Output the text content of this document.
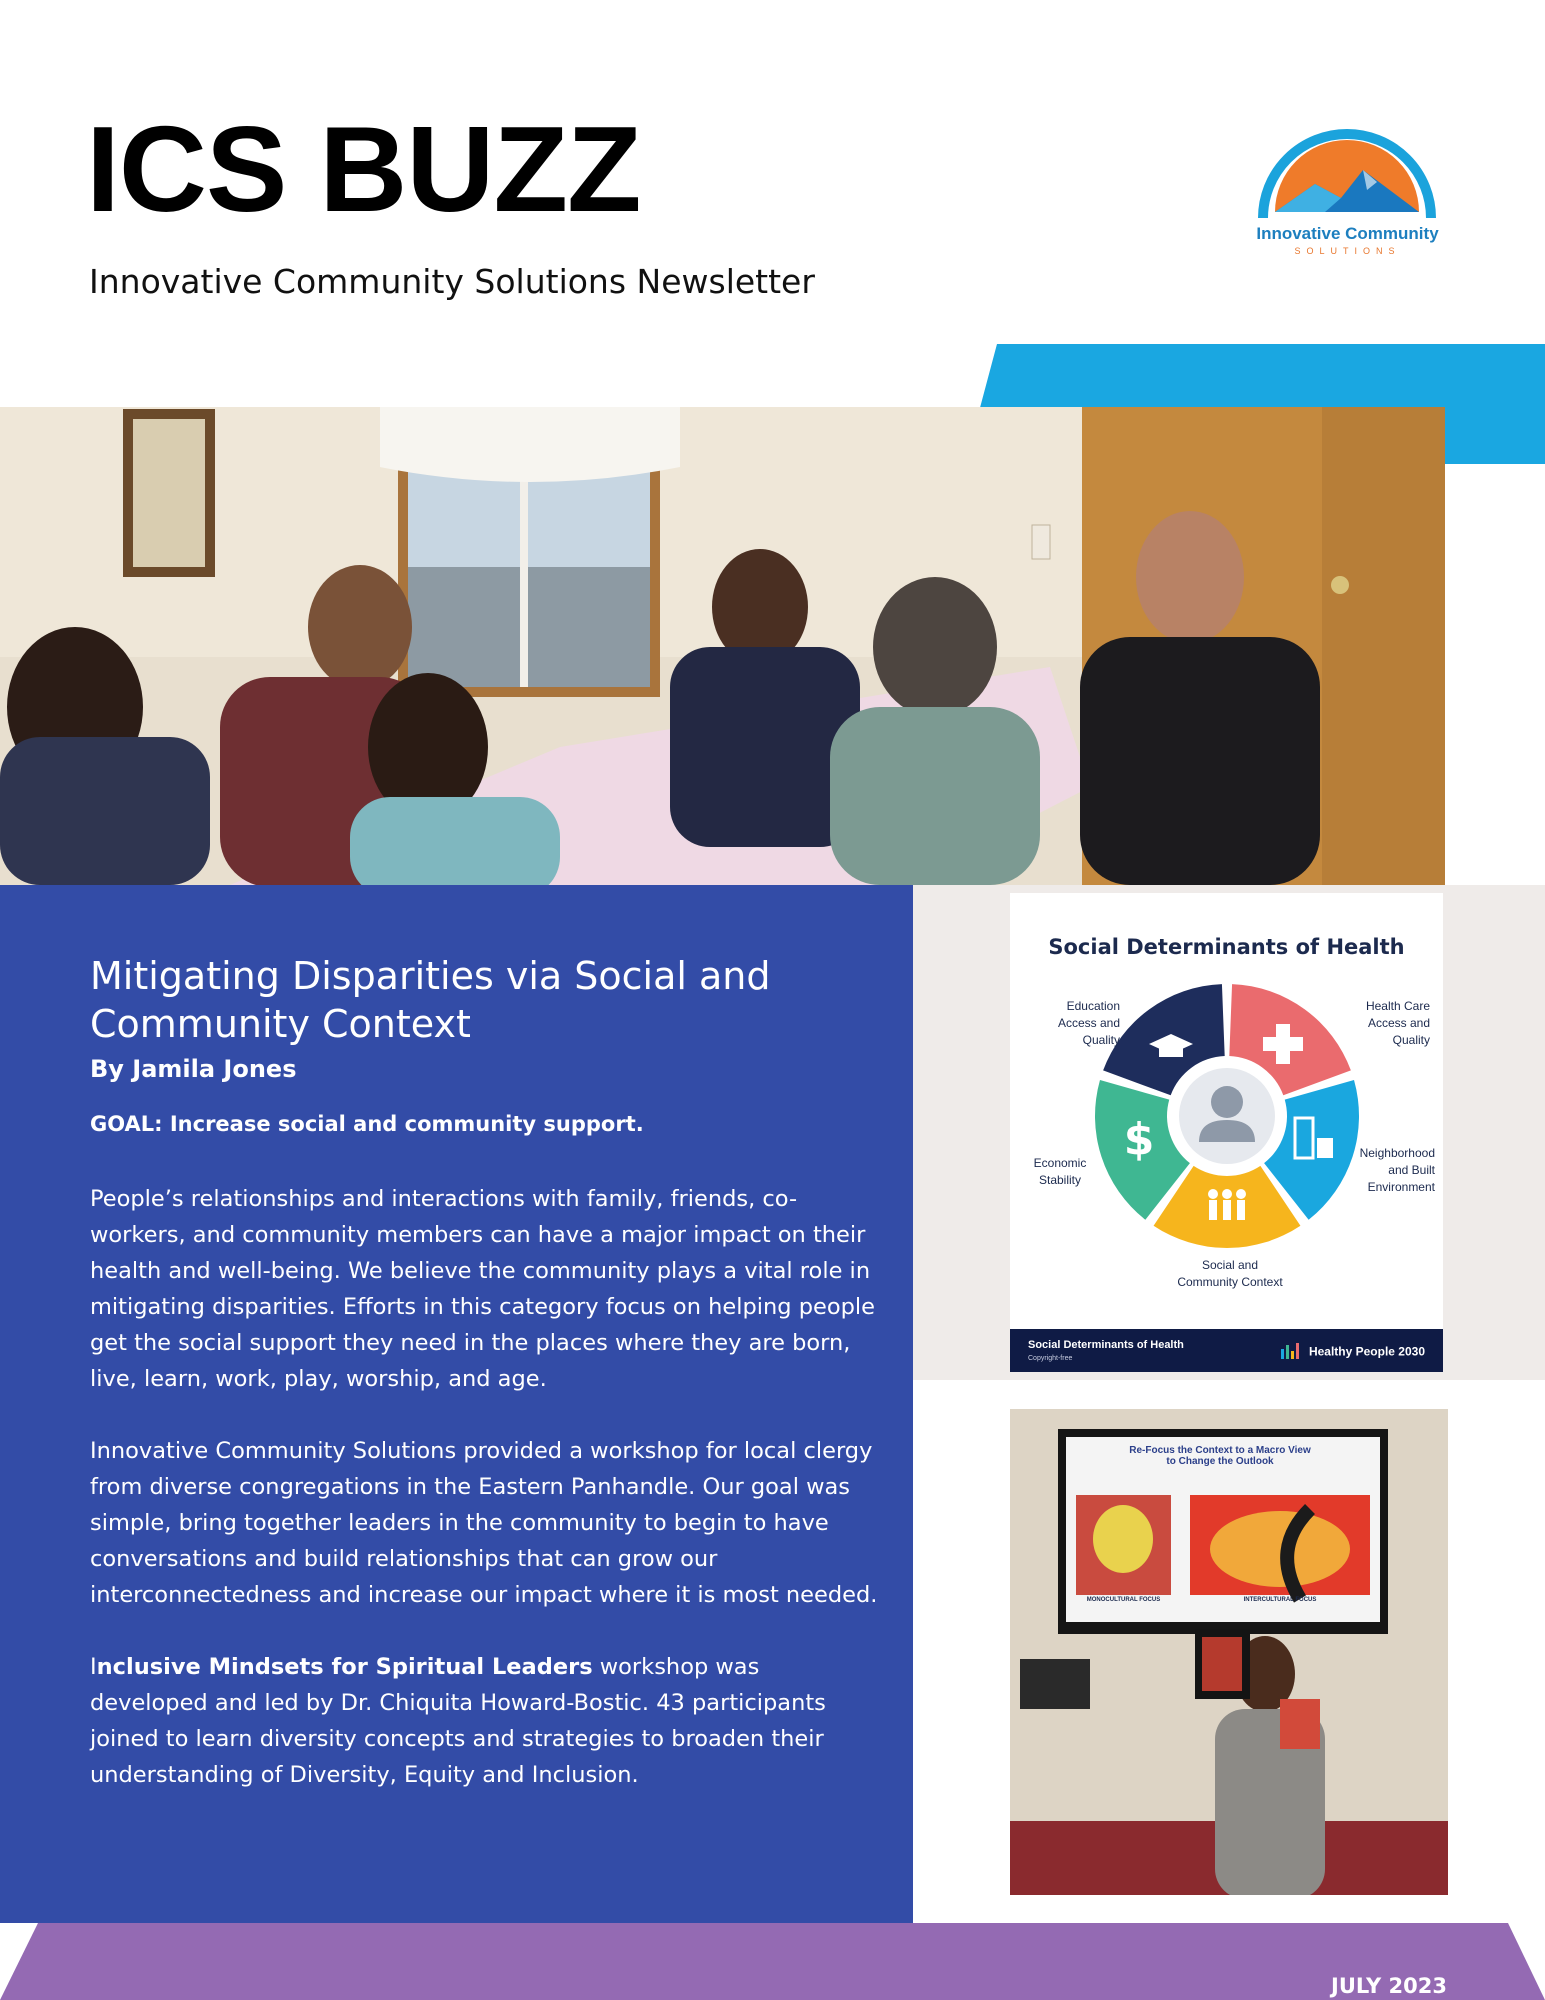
ICS BUZZ

Innovative Community Solutions Newsletter

Innovative Community
SOLUTIONS
Mitigating Disparities via Social and Community Context

By Jamila Jones

GOAL: Increase social and community support.

People’s relationships and interactions with family, friends, co-workers, and community members can have a major impact on their health and well-being. We believe the community plays a vital role in mitigating disparities. Efforts in this category focus on helping people get the social support they need in the places where they are born, live, learn, work, play, worship, and age.

Innovative Community Solutions provided a workshop for local clergy from diverse congregations in the Eastern Panhandle. Our goal was simple, bring together leaders in the community to begin to have conversations and build relationships that can grow our interconnectedness and increase our impact where it is most needed.

Inclusive Mindsets for Spiritual Leaders workshop was developed and led by Dr. Chiquita Howard-Bostic. 43 participants joined to learn diversity concepts and strategies to broaden their understanding of Diversity, Equity and Inclusion.

Social Determinants of Health
$
Education
Access and
Quality
Health Care
Access and
Quality
Neighborhood
and Built
Environment
Economic
Stability
Social and
Community Context
Social Determinants of Health
Copyright-free	Healthy People 2030
Re-Focus the Context to a Macro View
to Change the Outlook
MONOCULTURAL FOCUS	INTERCULTURAL FOCUS
JULY 2023
